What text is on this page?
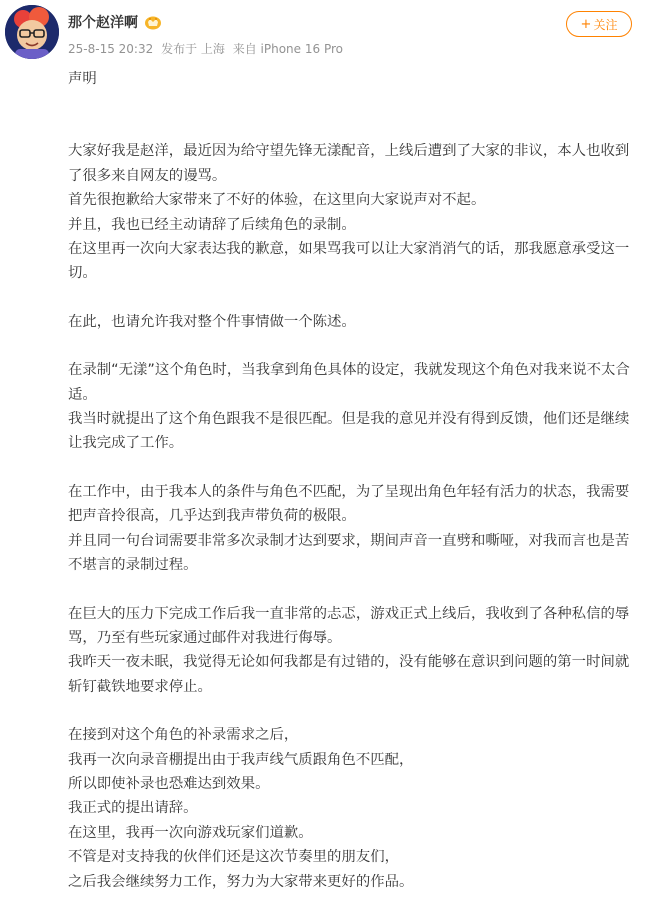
那个赵洋啊
25-8-15 20:32 发布于 上海 来自 iPhone 16 Pro
+ 关注

声明

大家好我是赵洋，最近因为给守望先锋无漾配音，上线后遭到了大家的非议，本人也收到了很多来自网友的谩骂。

首先很抱歉给大家带来了不好的体验，在这里向大家说声对不起。

并且，我也已经主动请辞了后续角色的录制。

在这里再一次向大家表达我的歉意，如果骂我可以让大家消消气的话，那我愿意承受这一切。

在此，也请允许我对整个件事情做一个陈述。

在录制“无漾”这个角色时，当我拿到角色具体的设定，我就发现这个角色对我来说不太合适。

我当时就提出了这个角色跟我不是很匹配。但是我的意见并没有得到反馈，他们还是继续让我完成了工作。

在工作中，由于我本人的条件与角色不匹配，为了呈现出角色年轻有活力的状态，我需要把声音拎很高，几乎达到我声带负荷的极限。

并且同一句台词需要非常多次录制才达到要求，期间声音一直劈和嘶哑，对我而言也是苦不堪言的录制过程。

在巨大的压力下完成工作后我一直非常的忐忑，游戏正式上线后，我收到了各种私信的辱骂，乃至有些玩家通过邮件对我进行侮辱。

我昨天一夜未眠，我觉得无论如何我都是有过错的，没有能够在意识到问题的第一时间就斩钉截铁地要求停止。

在接到对这个角色的补录需求之后，

我再一次向录音棚提出由于我声线气质跟角色不匹配，

所以即使补录也恐难达到效果。

我正式的提出请辞。

在这里，我再一次向游戏玩家们道歉。

不管是对支持我的伙伴们还是这次节奏里的朋友们，

之后我会继续努力工作，努力为大家带来更好的作品。
